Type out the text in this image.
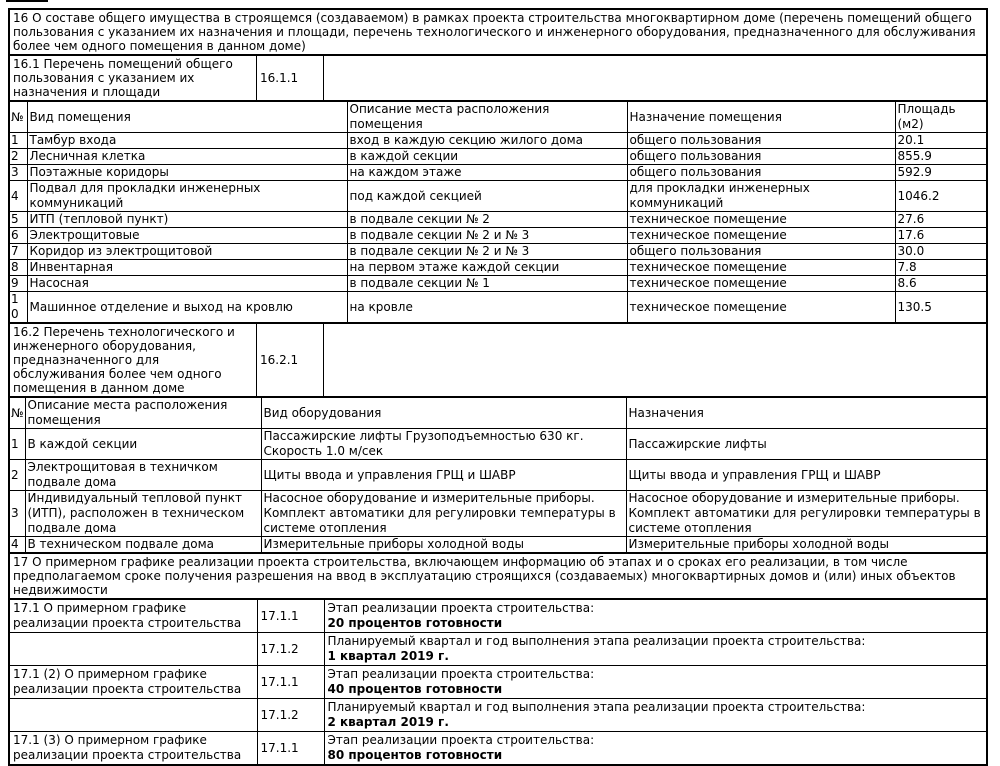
16 О составе общего имущества в строящемся (создаваемом) в рамках проекта строительства многоквартирном доме (перечень помещений общего пользования с указанием их назначения и площади, перечень технологического и инженерного оборудования, предназначенного для обслуживания более чем одного помещения в данном доме)
16.1 Перечень помещений общего пользования с указанием их назначения и площади
16.1.1
№	Вид помещения	Описание места расположения помещения	Назначение помещения	Площадь (м2)
1	Тамбур входа	вход в каждую секцию жилого дома	общего пользования	20.1
2	Лесничная клетка	в каждой секции	общего пользования	855.9
3	Поэтажные коридоры	на каждом этаже	общего пользования	592.9
4	Подвал для прокладки инженерных коммуникаций	под каждой секцией	для прокладки инженерных коммуникаций	1046.2
5	ИТП (тепловой пункт)	в подвале секции № 2	техническое помещение	27.6
6	Электрощитовые	в подвале секции № 2 и № 3	техническое помещение	17.6
7	Коридор из электрощитовой	в подвале секции № 2 и № 3	общего пользования	30.0
8	Инвентарная	на первом этаже каждой секции	техническое помещение	7.8
9	Насосная	в подвале секции № 1	техническое помещение	8.6
10	Машинное отделение и выход на кровлю	на кровле	техническое помещение	130.5
16.2 Перечень технологического и инженерного оборудования, предназначенного для обслуживания более чем одного помещения в данном доме
16.2.1
№	Описание места расположения помещения	Вид оборудования	Назначения
1	В каждой секции	Пассажирские лифты Грузоподъемностью 630 кг. Скорость 1.0 м/сек	Пассажирские лифты
2	Электрощитовая в техничком подвале дома	Щиты ввода и управления ГРЩ и ШАВР	Щиты ввода и управления ГРЩ и ШАВР
3	Индивидуальный тепловой пункт (ИТП), расположен в техническом подвале дома	Насосное оборудование и измерительные приборы. Комплект автоматики для регулировки температуры в системе отопления	Насосное оборудование и измерительные приборы. Комплект автоматики для регулировки температуры в системе отопления
4	В техническом подвале дома	Измерительные приборы холодной воды	Измерительные приборы холодной воды
17 О примерном графике реализации проекта строительства, включающем информацию об этапах и о сроках его реализации, в том числе предполагаемом сроке получения разрешения на ввод в эксплуатацию строящихся (создаваемых) многоквартирных домов и (или) иных объектов недвижимости
17.1 О примерном графике реализации проекта строительства	17.1.1	Этап реализации проекта строительства:
20 процентов готовности

	17.1.2	Планируемый квартал и год выполнения этапа реализации проекта строительства:
1 квартал 2019 г.

17.1 (2) О примерном графике реализации проекта строительства	17.1.1	Этап реализации проекта строительства:
40 процентов готовности

	17.1.2	Планируемый квартал и год выполнения этапа реализации проекта строительства:
2 квартал 2019 г.

17.1 (3) О примерном графике реализации проекта строительства	17.1.1	Этап реализации проекта строительства:
80 процентов готовности
